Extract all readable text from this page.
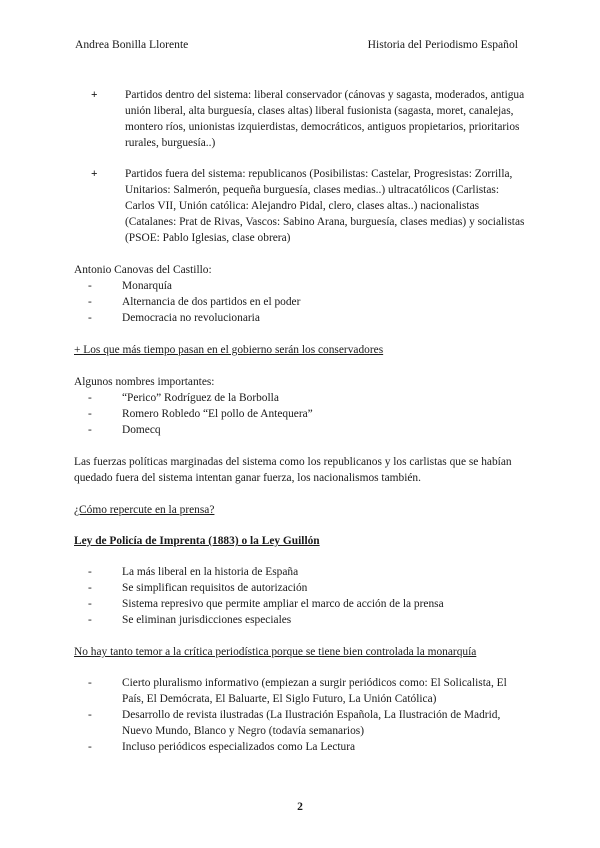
Andrea Bonilla Llorente	Historia del Periodismo Español
+	Partidos dentro del sistema: liberal conservador (cánovas y sagasta, moderados, antigua unión liberal, alta burguesía, clases altas) liberal fusionista (sagasta, moret, canalejas, montero ríos, unionistas izquierdistas, democráticos, antiguos propietarios, prioritarios rurales, burguesía..)
+	Partidos fuera del sistema: republicanos (Posibilistas: Castelar, Progresistas: Zorrilla, Unitarios: Salmerón, pequeña burguesía, clases medias..) ultracatólicos (Carlistas: Carlos VII, Unión católica: Alejandro Pidal, clero, clases altas..) nacionalistas (Catalanes: Prat de Rivas, Vascos: Sabino Arana, burguesía, clases medias) y socialistas (PSOE: Pablo Iglesias, clase obrera)
Antonio Canovas del Castillo:
-	Monarquía
-	Alternancia de dos partidos en el poder
-	Democracia no revolucionaria
+ Los que más tiempo pasan en el gobierno serán los conservadores
Algunos nombres importantes:
-	“Perico” Rodríguez de la Borbolla
-	Romero Robledo “El pollo de Antequera”
-	Domecq
Las fuerzas políticas marginadas del sistema como los republicanos y los carlistas que se habían quedado fuera del sistema intentan ganar fuerza, los nacionalismos también.
¿Cómo repercute en la prensa?
Ley de Policía de Imprenta (1883) o la Ley Guillón
-	La más liberal en la historia de España
-	Se simplifican requisitos de autorización
-	Sistema represivo que permite ampliar el marco de acción de la prensa
-	Se eliminan jurisdicciones especiales
No hay tanto temor a la crítica periodística porque se tiene bien controlada la monarquía
-	Cierto pluralismo informativo (empiezan a surgir periódicos como: El Solicalista, El País, El Demócrata, El Baluarte, El Siglo Futuro, La Unión Católica)
-	Desarrollo de revista ilustradas (La Ilustración Española, La Ilustración de Madrid, Nuevo Mundo, Blanco y Negro (todavía semanarios)
-	Incluso periódicos especializados como La Lectura
2
